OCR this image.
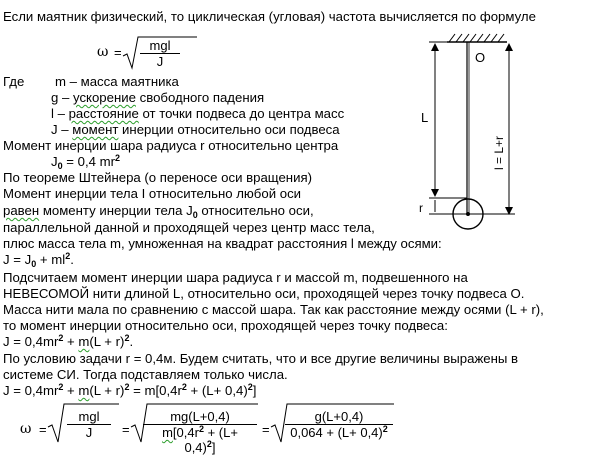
Если маятник физический, то циклическая (угловая) частота вычисляется по формуле
ω =	mgl
J
Где m – масса маятника
g – ускорение свободного падения
l – расстояние от точки подвеса до центра масс
J – момент инерции относительно оси подвеса
Момент инерции шара радиуса r относительно центра
$J_0 = 0,4$ $mr^2$
По теореме Штейнера (о переносе оси вращения)
Момент инерции тела I относительно любой оси
равен моменту инерции тела $J_0$ относительно оси,
параллельной данной и проходящей через центр масс тела,
плюс масса тела m, умноженная на квадрат расстояния l между осями:
$J = J_0 + ml^2$.
Подсчитаем момент инерции шара радиуса r и массой m, подвешенного на
НЕВЕСОМОЙ нити длиной L, относительно оси, проходящей через точку подвеса O.
Масса нити мала по сравнению с массой шара. Так как расстояние между осями (L + r),
то момент инерции относительно оси, проходящей через точку подвеса:
$J = 0,4mr^2 + m(L + r)^2$.
По условию задачи r = 0,4м. Будем считать, что и все другие величины выражены в
системе СИ. Тогда подставляем только числа.
$J = 0,4mr^2 + m(L + r)^2 = m[0,4r^2 + (L+ 0,4)^2]$
ω =
mgl
J	= $\frac{mg(L+0,4)}{m[0,4r^2 + (L+ 0,4)^2]} = \frac{g(L+0,4)}{0,064 + (L+ 0,4)^2}$
O
L
r
l = L+r
